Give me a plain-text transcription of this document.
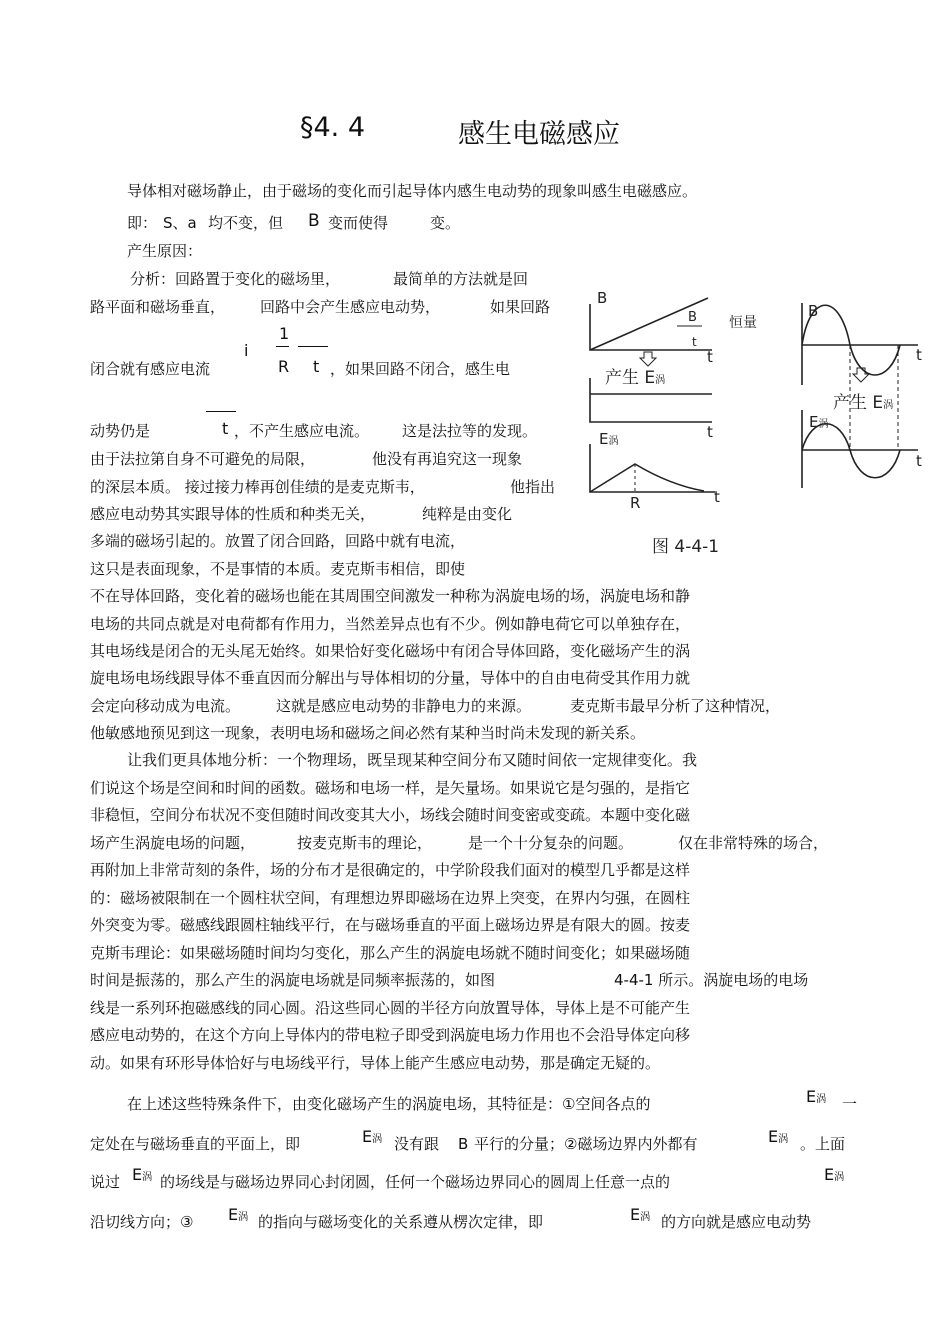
§4. 4	感生电磁感应
导体相对磁场静止，由于磁场的变化而引起导体内感生电动势的现象叫感生电磁感应。
即： S、a 均不变，但 B 变而使得	变。
产生原因：
分析：回路置于变化的磁场里，	最简单的方法就是回
路平面和磁场垂直， 回路中会产生感应电动势，	如果回路
闭合就有感应电流
i
1
R t ，如果回路不闭合，感生电
动势仍是	t ，不产生感应电流。 这是法拉等的发现。
由于法拉第自身不可避免的局限，	他没有再追究这一现象
的深层本质。 接过接力棒再创佳绩的是麦克斯韦，	他指出
感应电动势其实跟导体的性质和种类无关，	纯粹是由变化
多端的磁场引起的。放置了闭合回路，回路中就有电流，
这只是表面现象，不是事情的本质。麦克斯韦相信，即使
不在导体回路，变化着的磁场也能在其周围空间激发一种称为涡旋电场的场，涡旋电场和静
电场的共同点就是对电荷都有作用力，当然差异点也有不少。例如静电荷它可以单独存在，
其电场线是闭合的无头尾无始终。如果恰好变化磁场中有闭合导体回路，变化磁场产生的涡
旋电场电场线跟导体不垂直因而分解出与导体相切的分量，导体中的自由电荷受其作用力就
会定向移动成为电流。 这就是感应电动势的非静电力的来源。	麦克斯韦最早分析了这种情况，
他敏感地预见到这一现象，表明电场和磁场之间必然有某种当时尚未发现的新关系。
让我们更具体地分析：一个物理场，既呈现某种空间分布又随时间依一定规律变化。我
们说这个场是空间和时间的函数。磁场和电场一样，是矢量场。如果说它是匀强的，是指它
非稳恒，空间分布状况不变但随时间改变其大小，场线会随时间变密或变疏。本题中变化磁
场产生涡旋电场的问题，	按麦克斯韦的理论， 是一个十分复杂的问题。	仅在非常特殊的场合，
再附加上非常苛刻的条件，场的分布才是很确定的，中学阶段我们面对的模型几乎都是这样
的：磁场被限制在一个圆柱状空间，有理想边界即磁场在边界上突变，在界内匀强，在圆柱
外突变为零。磁感线跟圆柱轴线平行，在与磁场垂直的平面上磁场边界是有限大的圆。按麦
克斯韦理论：如果磁场随时间均匀变化，那么产生的涡旋电场就不随时间变化；如果磁场随
时间是振荡的，那么产生的涡旋电场就是同频率振荡的，如图	4-4-1 所示。涡旋电场的电场
线是一系列环抱磁感线的同心圆。沿这些同心圆的半径方向放置导体，导体上是不可能产生
感应电动势的，在这个方向上导体内的带电粒子即受到涡旋电场力作用也不会沿导体定向移
动。如果有环形导体恰好与电场线平行，导体上能产生感应电动势，那是确定无疑的。
在上述这些特殊条件下，由变化磁场产生的涡旋电场，其特征是：①空间各点的	E涡 一
定处在与磁场垂直的平面上，即	E涡 没有跟 B 平行的分量；②磁场边界内外都有	E涡 。上面
说过 E涡 的场线是与磁场边界同心封闭圆，任何一个磁场边界同心的圆周上任意一点的	E涡
沿切线方向；③ E涡 的指向与磁场变化的关系遵从楞次定律，即	E涡 的方向就是感应电动势
B
B
t
恒量
t
产生 E涡
t
E涡
t
R
B
t
产生 E涡
E涡
t
图 4-4-1
